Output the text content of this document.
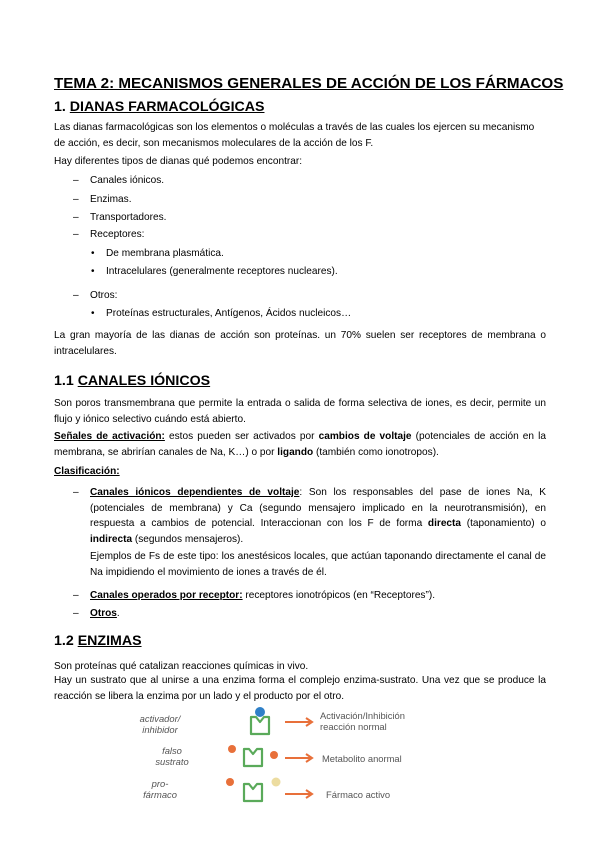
TEMA 2: MECANISMOS GENERALES DE ACCIÓN DE LOS FÁRMACOS
1. DIANAS FARMACOLÓGICAS
Las dianas farmacológicas son los elementos o moléculas a través de las cuales los ejercen su mecanismo
de acción, es decir, son mecanismos moleculares de la acción de los F.
Hay diferentes tipos de dianas qué podemos encontrar:
– Canales iónicos.
– Enzimas.
– Transportadores.
– Receptores:
• De membrana plasmática.
• Intracelulares (generalmente receptores nucleares).
– Otros:
• Proteínas estructurales, Antígenos, Ácidos nucleicos…
La gran mayoría de las dianas de acción son proteínas. un 70% suelen ser receptores de membrana o intracelulares.
1.1 CANALES IÓNICOS
Son poros transmembrana que permite la entrada o salida de forma selectiva de iones, es decir, permite un flujo y iónico selectivo cuándo está abierto.
Señales de activación: estos pueden ser activados por cambios de voltaje (potenciales de acción en la membrana, se abrirían canales de Na, K…) o por ligando (también como ionotropos).
Clasificación:
– Canales iónicos dependientes de voltaje: Son los responsables del pase de iones Na, K (potenciales de membrana) y Ca (segundo mensajero implicado en la neurotransmisión), en respuesta a cambios de potencial. Interaccionan con los F de forma directa (taponamiento) o indirecta (segundos mensajeros).
Ejemplos de Fs de este tipo: los anestésicos locales, que actúan taponando directamente el canal de Na impidiendo el movimiento de iones a través de él.
– Canales operados por receptor: receptores ionotrópicos (en “Receptores”).
– Otros.
1.2 ENZIMAS
Son proteínas qué catalizan reacciones químicas in vivo.
Hay un sustrato que al unirse a una enzima forma el complejo enzima-sustrato. Una vez que se produce la reacción se libera la enzima por un lado y el producto por el otro.
activador/
inhibidor
Activación/Inhibición
reacción normal
falso
sustrato	Metabolito anormal
pro-
fármaco	Fármaco activo
